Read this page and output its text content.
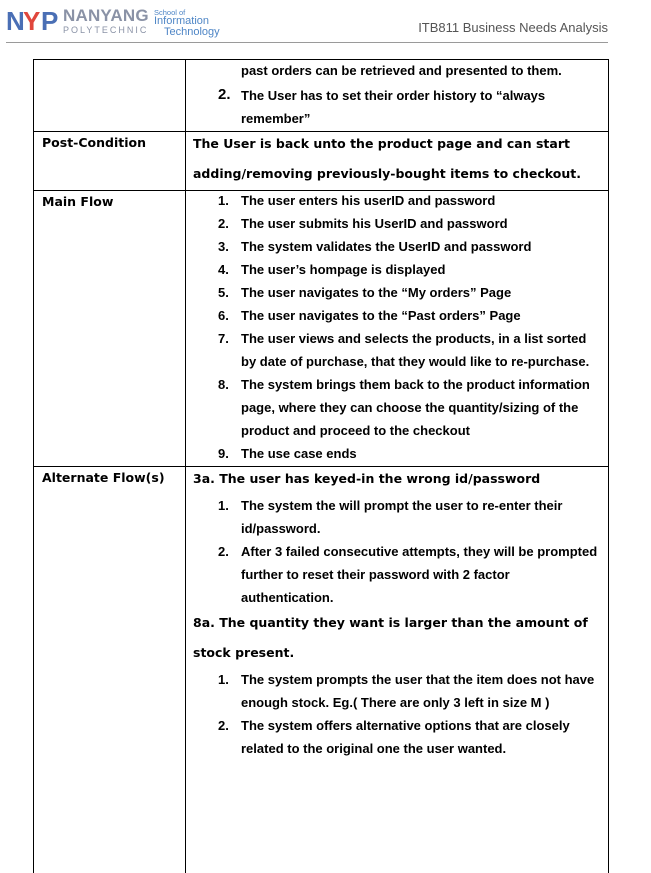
N
Y P NANYANG
POLYTECHNIC
School of
Information
Technology	ITB811 Business Needs Analysis
past orders can be retrieved and presented to them.
2. The User has to set their order history to “always remember”
Post-Condition	The User is back unto the product page and can start adding/removing previously-bought items to checkout.
Main Flow	1. The user enters his userID and password
2. The user submits his UserID and password
3. The system validates the UserID and password
4. The user’s hompage is displayed
5. The user navigates to the “My orders” Page
6. The user navigates to the “Past orders” Page
7. The user views and selects the products, in a list sorted by date of purchase, that they would like to re-purchase.
8. The system brings them back to the product information page, where they can choose the quantity/sizing of the product and proceed to the checkout
9. The use case ends
Alternate Flow(s) 3a. The user has keyed-in the wrong id/password
1. The system the will prompt the user to re-enter their id/password.
2. After 3 failed consecutive attempts, they will be prompted further to reset their password with 2 factor authentication.
8a. The quantity they want is larger than the amount of stock present.
1. The system prompts the user that the item does not have enough stock. Eg.( There are only 3 left in size M )
2. The system offers alternative options that are closely related to the original one the user wanted.
